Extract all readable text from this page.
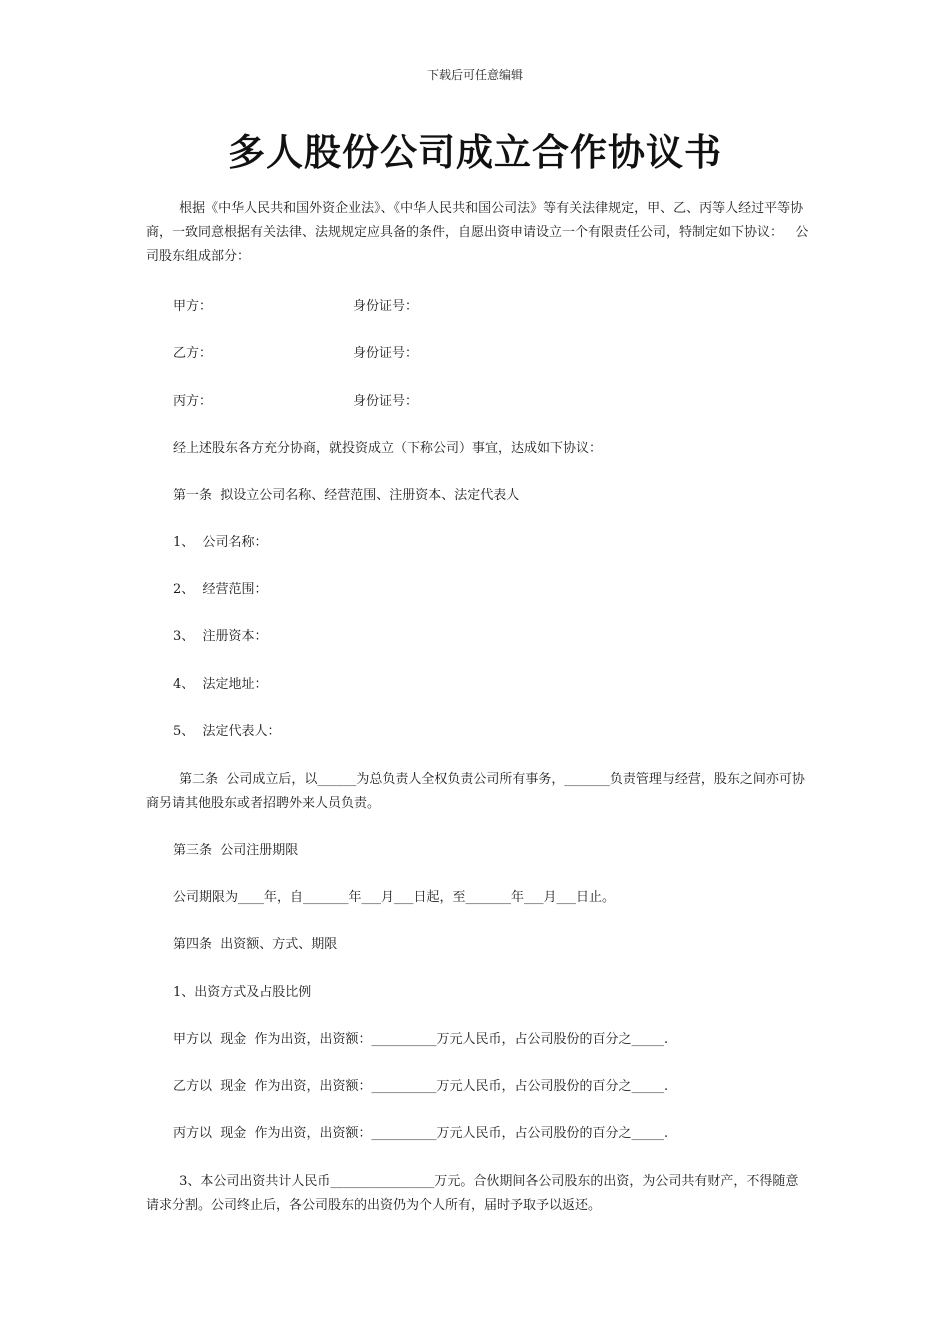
下载后可任意编辑
多人股份公司成立合作协议书
根据《中华人民共和国外资企业法》、《中华人民共和国公司法》等有关法律规定，甲、乙、丙等人经过平等协商，一致同意根据有关法律、法规规定应具备的条件，自愿出资申请设立一个有限责任公司，特制定如下协议：   公司股东组成部分：
甲方：	身份证号：
乙方：	身份证号：
丙方：	身份证号：
经上述股东各方充分协商，就投资成立（下称公司）事宜，达成如下协议：
第一条  拟设立公司名称、经营范围、注册资本、法定代表人
1、  公司名称：
2、  经营范围：
3、  注册资本：
4、  法定地址：
5、  法定代表人：
第二条  公司成立后，以______为总负责人全权负责公司所有事务，_______负责管理与经营，股东之间亦可协商另请其他股东或者招聘外来人员负责。
第三条  公司注册期限
公司期限为____年，自_______年___月___日起，至_______年___月___日止。
第四条  出资额、方式、期限
1、出资方式及占股比例
甲方以  现金  作为出资，出资额：__________万元人民币，占公司股份的百分之_____.
乙方以  现金  作为出资，出资额：__________万元人民币，占公司股份的百分之_____.
丙方以  现金  作为出资，出资额：__________万元人民币，占公司股份的百分之_____.
3、本公司出资共计人民币________________万元。合伙期间各公司股东的出资，为公司共有财产，不得随意请求分割。公司终止后，各公司股东的出资仍为个人所有，届时予取予以返还。
